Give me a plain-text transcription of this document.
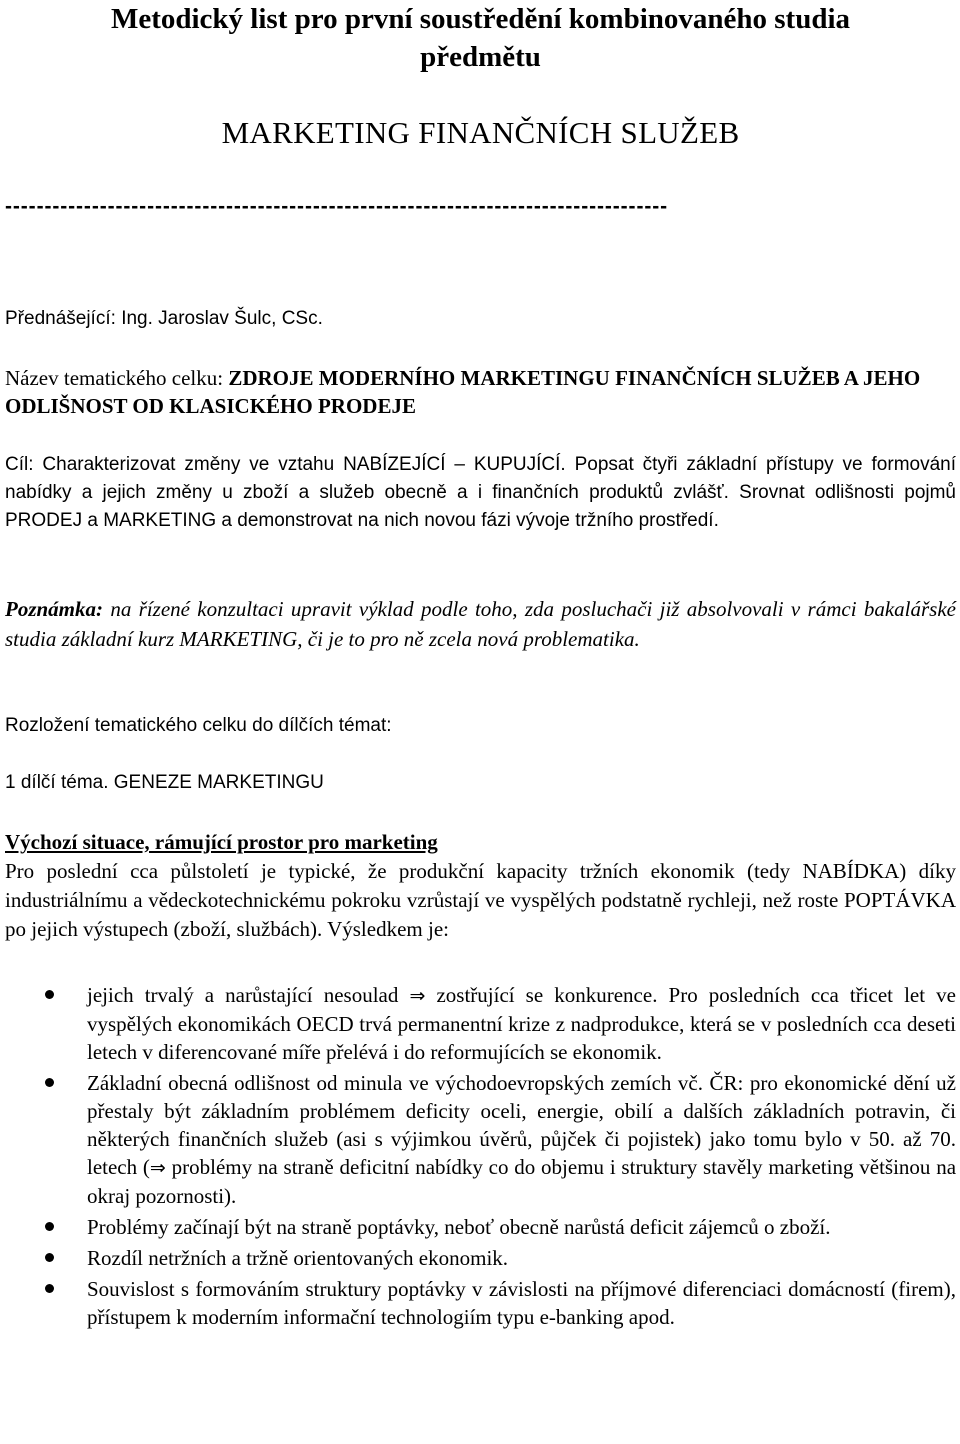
Metodický list pro první soustředění kombinovaného studia
předmětu
MARKETING FINANČNÍCH SLUŽEB
------------------------------------------------------------------------------------
Přednášející: Ing. Jaroslav Šulc, CSc.
Název tematického celku: ZDROJE MODERNÍHO MARKETINGU FINANČNÍCH SLUŽEB A JEHO ODLIŠNOST OD KLASICKÉHO PRODEJE
Cíl: Charakterizovat změny ve vztahu NABÍZEJÍCÍ – KUPUJÍCÍ. Popsat čtyři základní přístupy ve formování nabídky a jejich změny u zboží a služeb obecně a i finančních produktů zvlášť. Srovnat odlišnosti pojmů PRODEJ a MARKETING a demonstrovat na nich novou fázi vývoje tržního prostředí.
Poznámka: na řízené konzultaci upravit výklad podle toho, zda posluchači již absolvovali v rámci bakalářské studia základní kurz MARKETING, či je to pro ně zcela nová problematika.
Rozložení tematického celku do dílčích témat:
1 dílčí téma. GENEZE MARKETINGU
Výchozí situace, rámující prostor pro marketing
Pro poslední cca půlstoletí je typické, že produkční kapacity tržních ekonomik (tedy NABÍDKA) díky industriálnímu a vědeckotechnickému pokroku vzrůstají ve vyspělých podstatně rychleji, než roste POPTÁVKA po jejich výstupech (zboží, službách). Výsledkem je:
jejich trvalý a narůstající nesoulad ⇒ zostřující se konkurence. Pro posledních cca třicet let ve vyspělých ekonomikách OECD trvá permanentní krize z nadprodukce, která se v posledních cca deseti letech v diferencované míře přelévá i do reformujících se ekonomik.
Základní obecná odlišnost od minula ve východoevropských zemích vč. ČR: pro ekonomické dění už přestaly být základním problémem deficity oceli, energie, obilí a dalších základních potravin, či některých finančních služeb (asi s výjimkou úvěrů, půjček či pojistek) jako tomu bylo v 50. až 70. letech (⇒ problémy na straně deficitní nabídky co do objemu i struktury stavěly marketing většinou na okraj pozornosti).
Problémy začínají být na straně poptávky, neboť obecně narůstá deficit zájemců o zboží.
Rozdíl netržních a tržně orientovaných ekonomik.
Souvislost s formováním struktury poptávky v závislosti na příjmové diferenciaci domácností (firem), přístupem k moderním informační technologiím typu e-banking apod.
